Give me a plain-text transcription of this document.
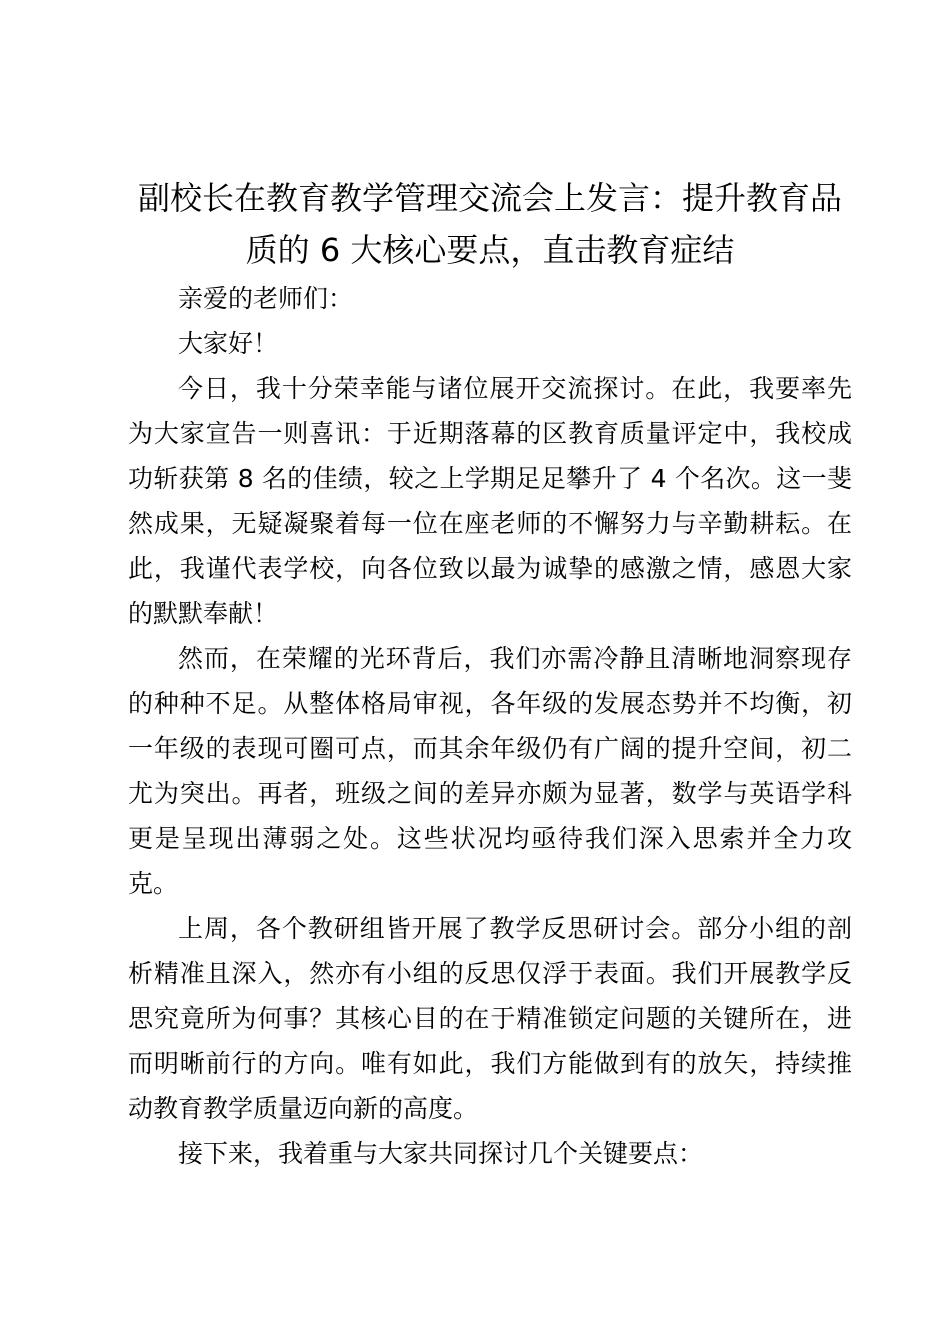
副校长在教育教学管理交流会上发言：提升教育品质的 6 大核心要点，直击教育症结

亲爱的老师们：

大家好！

今日，我十分荣幸能与诸位展开交流探讨。在此，我要率先为大家宣告一则喜讯：于近期落幕的区教育质量评定中，我校成功斩获第 8 名的佳绩，较之上学期足足攀升了 4 个名次。这一斐然成果，无疑凝聚着每一位在座老师的不懈努力与辛勤耕耘。在此，我谨代表学校，向各位致以最为诚挚的感激之情，感恩大家的默默奉献！

然而，在荣耀的光环背后，我们亦需冷静且清晰地洞察现存的种种不足。从整体格局审视，各年级的发展态势并不均衡，初一年级的表现可圈可点，而其余年级仍有广阔的提升空间，初二尤为突出。再者，班级之间的差异亦颇为显著，数学与英语学科更是呈现出薄弱之处。这些状况均亟待我们深入思索并全力攻克。

上周，各个教研组皆开展了教学反思研讨会。部分小组的剖析精准且深入，然亦有小组的反思仅浮于表面。我们开展教学反思究竟所为何事？其核心目的在于精准锁定问题的关键所在，进而明晰前行的方向。唯有如此，我们方能做到有的放矢，持续推动教育教学质量迈向新的高度。

接下来，我着重与大家共同探讨几个关键要点：
